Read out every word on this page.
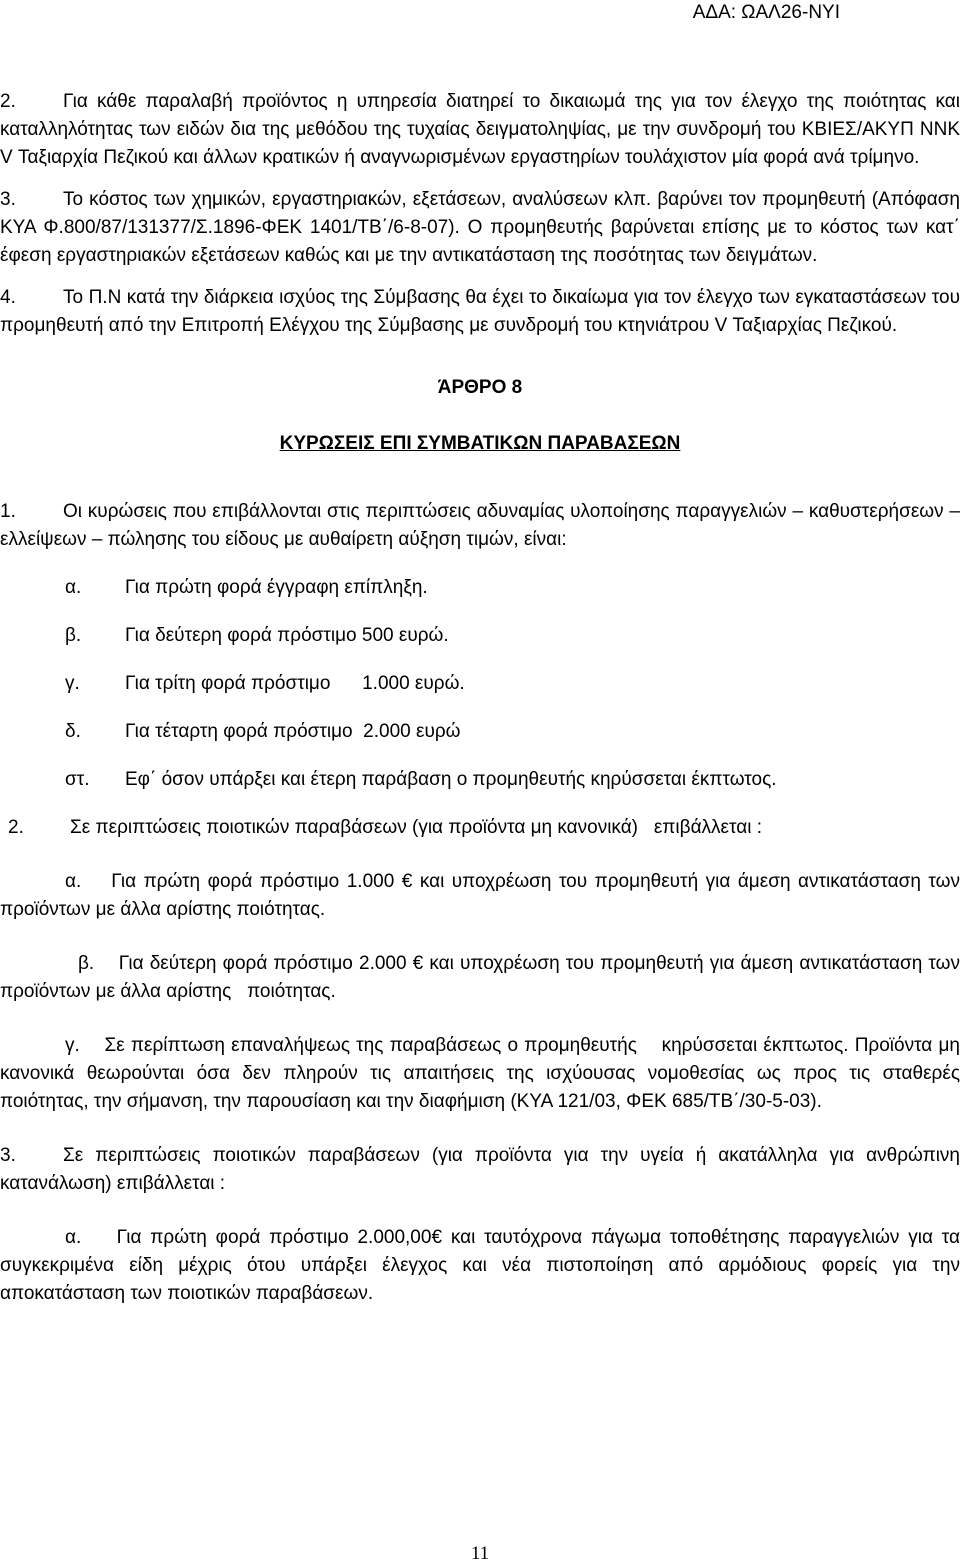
ΑΔΑ: ΩΑΛ26-ΝΥΙ

2. Για κάθε παραλαβή προϊόντος η υπηρεσία διατηρεί το δικαιωμά της για τον έλεγχο της ποιότητας και καταλληλότητας των ειδών δια της μεθόδου της τυχαίας δειγματοληψίας, με την συνδρομή του ΚΒΙΕΣ/ΑΚΥΠ ΝΝΚ V Ταξιαρχία Πεζικού και άλλων κρατικών ή αναγνωρισμένων εργαστηρίων τουλάχιστον μία φορά ανά τρίμηνο.

3. Το κόστος των χημικών, εργαστηριακών, εξετάσεων, αναλύσεων κλπ. βαρύνει τον προμηθευτή (Απόφαση ΚΥΑ Φ.800/87/131377/Σ.1896-ΦΕΚ 1401/ΤΒ΄/6-8-07). Ο προμηθευτής βαρύνεται επίσης με το κόστος των κατ΄ έφεση εργαστηριακών εξετάσεων καθώς και με την αντικατάσταση της ποσότητας των δειγμάτων.

4. Το Π.Ν κατά την διάρκεια ισχύος της Σύμβασης θα έχει το δικαίωμα για τον έλεγχο των εγκαταστάσεων του προμηθευτή από την Επιτροπή Ελέγχου της Σύμβασης με συνδρομή του κτηνιάτρου V Ταξιαρχίας Πεζικού.

ΆΡΘΡΟ 8

ΚΥΡΩΣΕΙΣ ΕΠΙ ΣΥΜΒΑΤΙΚΩΝ ΠΑΡΑΒΑΣΕΩΝ

1. Οι κυρώσεις που επιβάλλονται στις περιπτώσεις αδυναμίας υλοποίησης παραγγελιών – καθυστερήσεων – ελλείψεων – πώλησης του είδους με αυθαίρετη αύξηση τιμών, είναι:

α. Για πρώτη φορά έγγραφη επίπληξη.

β. Για δεύτερη φορά πρόστιμο 500 ευρώ.

γ. Για τρίτη φορά πρόστιμο      1.000 ευρώ.

δ. Για τέταρτη φορά πρόστιμο  2.000 ευρώ

στ. Εφ΄ όσον υπάρξει και έτερη παράβαση ο προμηθευτής κηρύσσεται έκπτωτος.

2. Σε περιπτώσεις ποιοτικών παραβάσεων (για προϊόντα μη κανονικά)   επιβάλλεται :

α.    Για πρώτη φορά πρόστιμο 1.000 € και υποχρέωση του προμηθευτή για άμεση αντικατάσταση των προϊόντων με άλλα αρίστης ποιότητας.

β.    Για δεύτερη φορά πρόστιμο 2.000 € και υποχρέωση του προμηθευτή για άμεση αντικατάσταση των προϊόντων με άλλα αρίστης   ποιότητας.

γ.    Σε περίπτωση επαναλήψεως της παραβάσεως ο προμηθευτής    κηρύσσεται έκπτωτος. Προϊόντα μη κανονικά θεωρούνται όσα δεν πληρούν τις απαιτήσεις της ισχύουσας νομοθεσίας ως προς τις σταθερές ποιότητας, την σήμανση, την παρουσίαση και την διαφήμιση (ΚΥΑ 121/03, ΦΕΚ 685/ΤΒ΄/30-5-03).

3. Σε περιπτώσεις ποιοτικών παραβάσεων (για προϊόντα για την υγεία ή ακατάλληλα για ανθρώπινη κατανάλωση) επιβάλλεται :

α.    Για πρώτη φορά πρόστιμο 2.000,00€ και ταυτόχρονα πάγωμα τοποθέτησης παραγγελιών για τα συγκεκριμένα είδη μέχρις ότου υπάρξει έλεγχος και νέα πιστοποίηση από αρμόδιους φορείς για την αποκατάσταση των ποιοτικών παραβάσεων.

11
